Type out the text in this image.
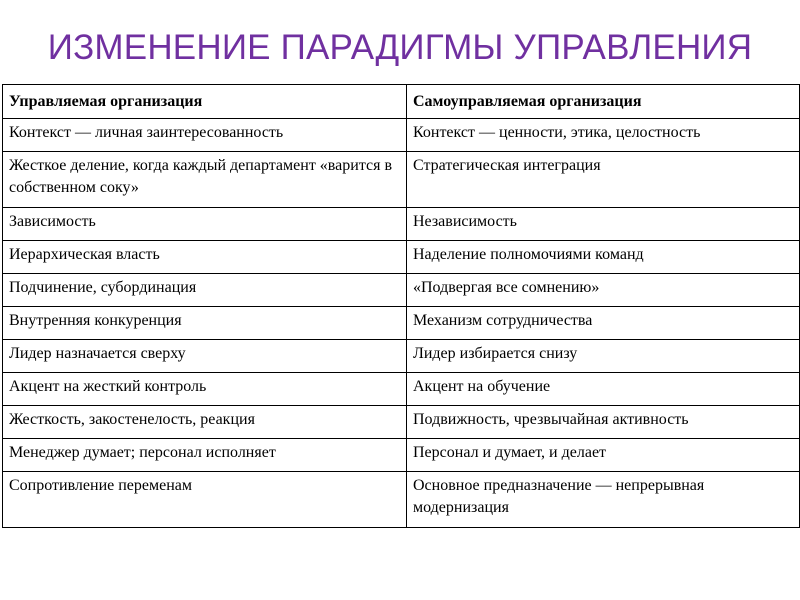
ИЗМЕНЕНИЕ ПАРАДИГМЫ УПРАВЛЕНИЯ
Управляемая организация	Самоуправляемая организация
Контекст — личная заинтересованность	Контекст — ценности, этика, целостность
Жесткое деление, когда каждый департамент «варится в собственном соку»	Стратегическая интеграция
Зависимость	Независимость
Иерархическая власть	Наделение полномочиями команд
Подчинение, субординация	«Подвергая все сомнению»
Внутренняя конкуренция	Механизм сотрудничества
Лидер назначается сверху	Лидер избирается снизу
Акцент на жесткий контроль	Акцент на обучение
Жесткость, закостенелость, реакция	Подвижность, чрезвычайная активность
Менеджер думает; персонал исполняет	Персонал и думает, и делает
Сопротивление переменам	Основное предназначение — непрерывная модернизация
